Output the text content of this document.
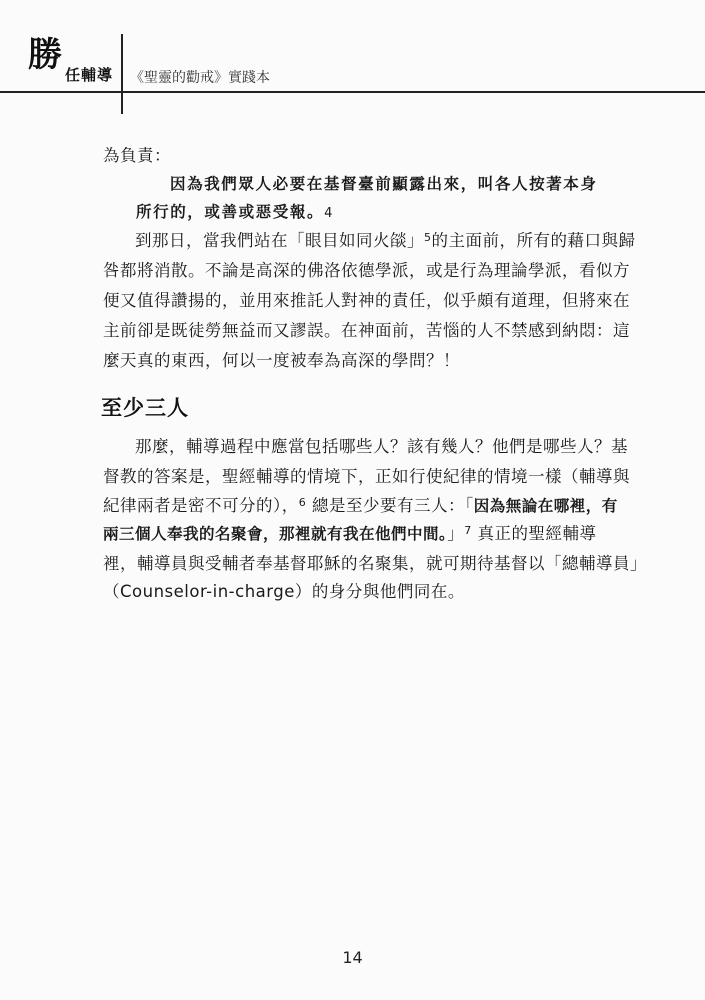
勝 任輔導 《聖靈的勸戒》實踐本

為負責：

因為我們眾人必要在基督臺前顯露出來，叫各人按著本身

所行的，或善或惡受報。4

到那日，當我們站在「眼目如同火燄」$^5$的主面前，所有的藉口與歸

咎都將消散。不論是高深的佛洛依德學派，或是行為理論學派，看似方

便又值得讚揚的，並用來推託人對神的責任，似乎頗有道理，但將來在

主前卻是既徒勞無益而又謬誤。在神面前，苦惱的人不禁感到納悶：這

麼天真的東西，何以一度被奉為高深的學問？！

至少三人

那麼，輔導過程中應當包括哪些人？該有幾人？他們是哪些人？基

督教的答案是，聖經輔導的情境下，正如行使紀律的情境一樣（輔導與

紀律兩者是密不可分的），$^6$ 總是至少要有三人：「因為無論在哪裡，有

兩三個人奉我的名聚會，那裡就有我在他們中間。」$^7$ 真正的聖經輔導

裡，輔導員與受輔者奉基督耶穌的名聚集，就可期待基督以「總輔導員」

（Counselor-in-charge）的身分與他們同在。

14
